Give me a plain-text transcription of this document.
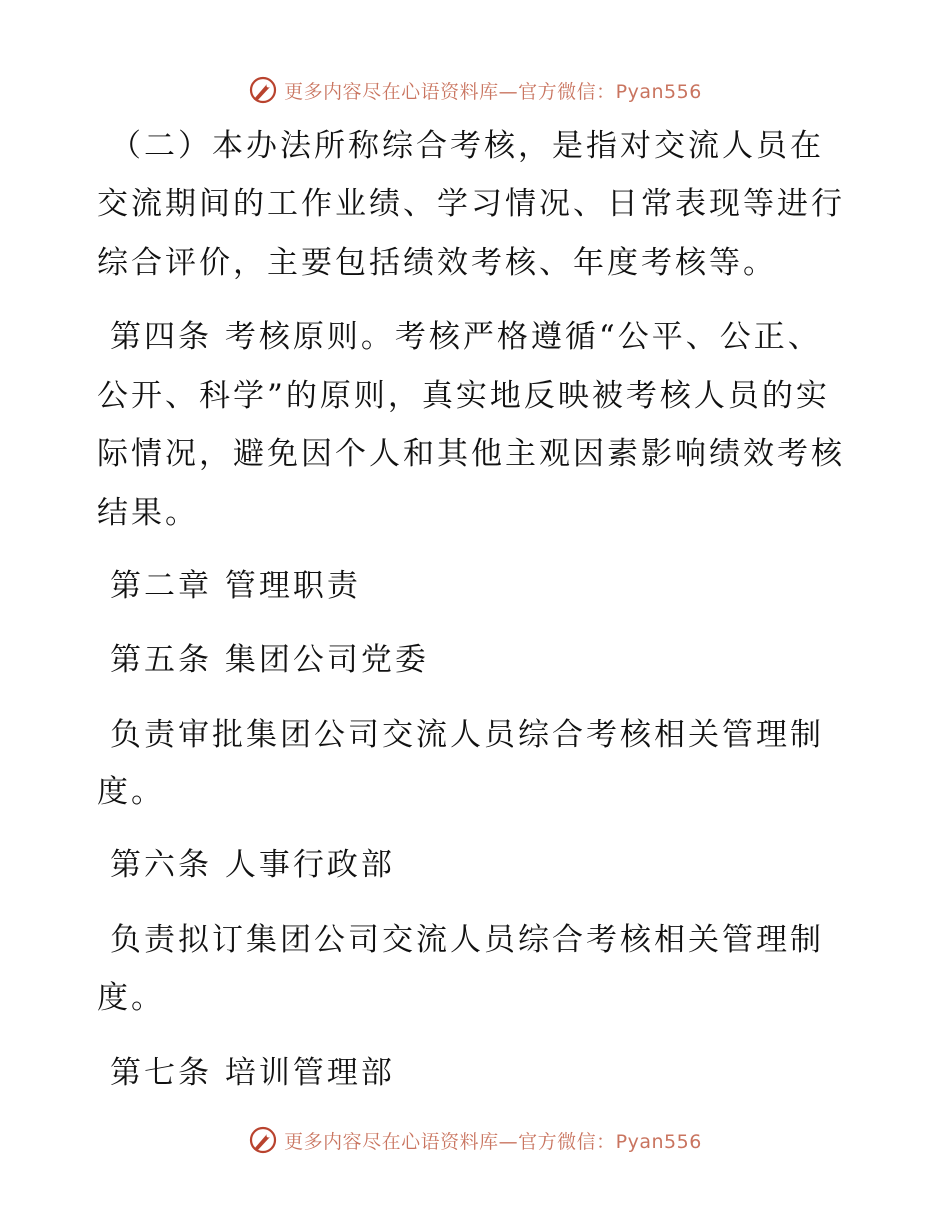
更多内容尽在心语资料库—官方微信：Pyan556
（二）本办法所称综合考核，是指对交流人员在
交流期间的工作业绩、学习情况、日常表现等进行
综合评价，主要包括绩效考核、年度考核等。
第四条 考核原则。考核严格遵循“公平、公正、
公开、科学”的原则，真实地反映被考核人员的实
际情况，避免因个人和其他主观因素影响绩效考核
结果。
第二章 管理职责
第五条 集团公司党委
负责审批集团公司交流人员综合考核相关管理制
度。
第六条 人事行政部
负责拟订集团公司交流人员综合考核相关管理制
度。
第七条 培训管理部
更多内容尽在心语资料库—官方微信：Pyan556
